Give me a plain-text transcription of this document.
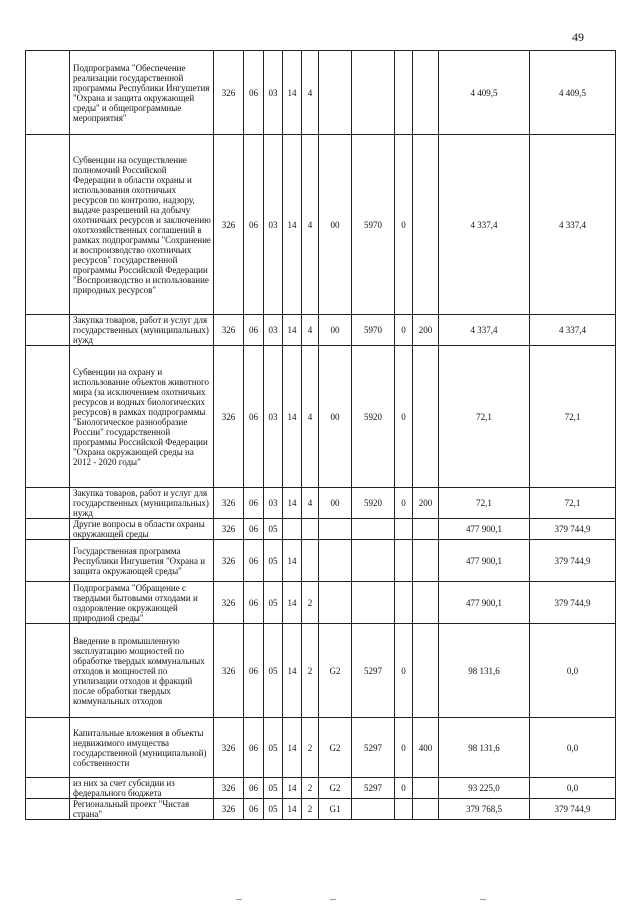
49
	Подпрограмма "Обеспечение реализации государственной программы Республики Ингушетия "Охрана и защита окружающей среды" и общепрограммные мероприятия"	326	06	03	14	4					4 409,5	4 409,5
	Субвенции на осуществление полномочий Российской Федерации в области охраны и использования охотничьих ресурсов по контролю, надзору, выдаче разрешений на добычу охотничьих ресурсов и заключению охотхозяйственных соглашений в рамках подпрограммы "Сохранение и воспроизводство охотничьих ресурсов" государственной программы Российской Федерации "Воспроизводство и использование природных ресурсов"	326	06	03	14	4	00	5970	0		4 337,4	4 337,4
	Закупка товаров, работ и услуг для государственных (муниципальных) нужд	326	06	03	14	4	00	5970	0	200	4 337,4	4 337,4
	Субвенции на охрану и использование объектов животного мира (за исключением охотничьих ресурсов и водных биологических ресурсов) в рамках подпрограммы "Биологическое разнообразие России" государственной программы Российской Федерации "Охрана окружающей среды на 2012 - 2020 годы"	326	06	03	14	4	00	5920	0		72,1	72,1
	Закупка товаров, работ и услуг для государственных (муниципальных) нужд	326	06	03	14	4	00	5920	0	200	72,1	72,1
	Другие вопросы в области охраны окружающей среды	326	06	05							477 900,1	379 744,9
	Государственная программа Республики Ингушетия "Охрана и защита окружающей среды"	326	06	05	14						477 900,1	379 744,9
	Подпрограмма "Обращение с твердыми бытовыми отходами и оздоровление окружающей природной среды"	326	06	05	14	2					477 900,1	379 744,9
	Введение в промышленную эксплуатацию мощностей по обработке твердых коммунальных отходов и мощностей по утилизации отходов и фракций после обработки твердых коммунальных отходов	326	06	05	14	2	G2	5297	0		98 131,6	0,0
	Капитальные вложения в объекты недвижимого имущества государственной (муниципальной) собственности	326	06	05	14	2	G2	5297	0	400	98 131,6	0,0
	из них за счет субсидии из федерального бюджета	326	06	05	14	2	G2	5297	0		93 225,0	0,0
	Региональный проект "Чистая страна"	326	06	05	14	2	G1				379 768,5	379 744,9
